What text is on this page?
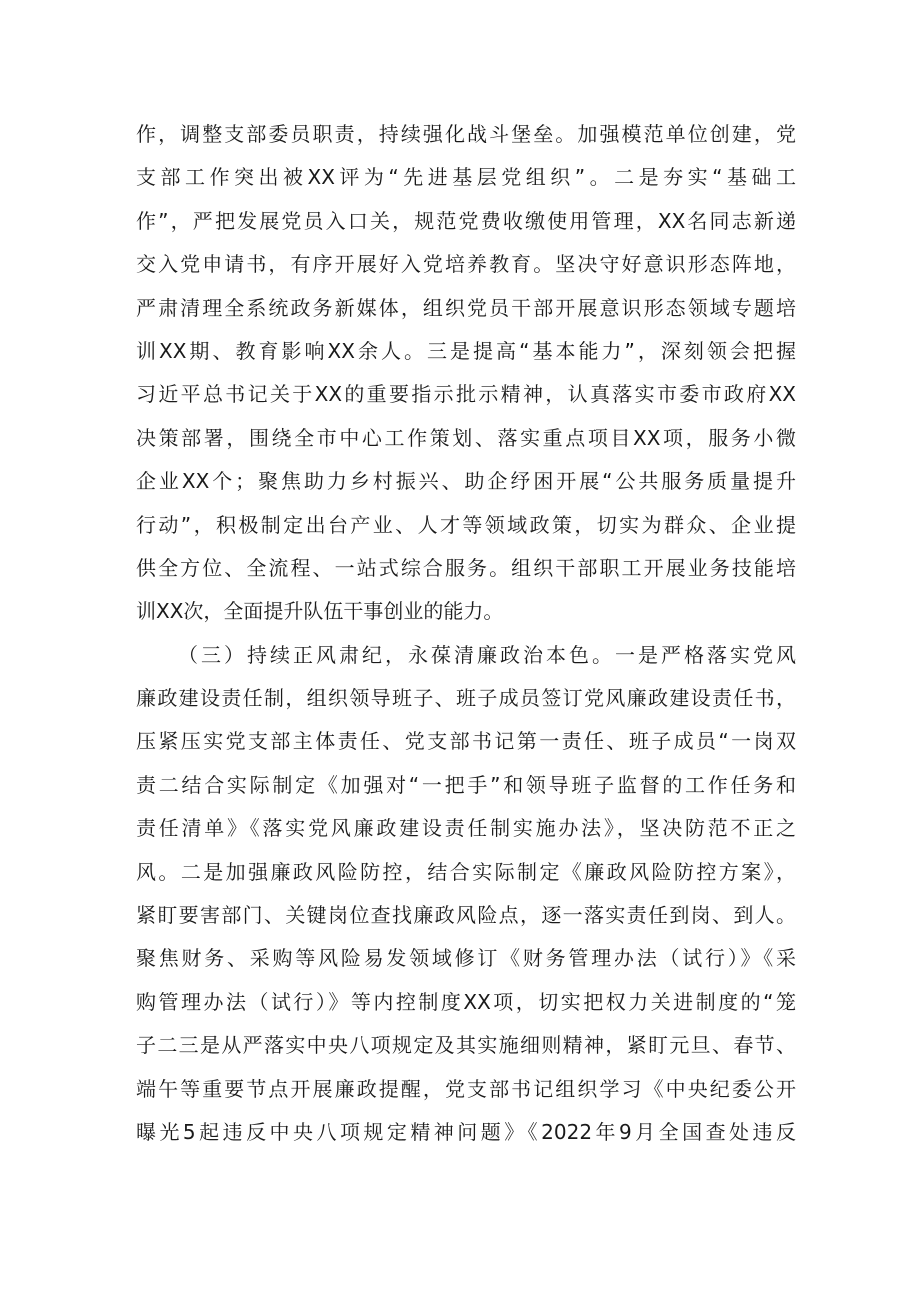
作，调整支部委员职责，持续强化战斗堡垒。加强模范单位创建，党
支部工作突出被XX评为“先进基层党组织”。二是夯实“基础工
作”，严把发展党员入口关，规范党费收缴使用管理，XX名同志新递
交入党申请书，有序开展好入党培养教育。坚决守好意识形态阵地，
严肃清理全系统政务新媒体，组织党员干部开展意识形态领域专题培
训XX期、教育影响XX余人。三是提高“基本能力”，深刻领会把握
习近平总书记关于XX的重要指示批示精神，认真落实市委市政府XX
决策部署，围绕全市中心工作策划、落实重点项目XX项，服务小微
企业XX个；聚焦助力乡村振兴、助企纾困开展“公共服务质量提升
行动”，积极制定出台产业、人才等领域政策，切实为群众、企业提
供全方位、全流程、一站式综合服务。组织干部职工开展业务技能培
训XX次，全面提升队伍干事创业的能力。
（三）持续正风肃纪，永葆清廉政治本色。一是严格落实党风
廉政建设责任制，组织领导班子、班子成员签订党风廉政建设责任书，
压紧压实党支部主体责任、党支部书记第一责任、班子成员“一岗双
责二结合实际制定《加强对“一把手”和领导班子监督的工作任务和
责任清单》《落实党风廉政建设责任制实施办法》，坚决防范不正之
风。二是加强廉政风险防控，结合实际制定《廉政风险防控方案》，
紧盯要害部门、关键岗位查找廉政风险点，逐一落实责任到岗、到人。
聚焦财务、采购等风险易发领域修订《财务管理办法（试行）》《采
购管理办法（试行）》等内控制度XX项，切实把权力关进制度的“笼
子二三是从严落实中央八项规定及其实施细则精神，紧盯元旦、春节、
端午等重要节点开展廉政提醒，党支部书记组织学习《中央纪委公开
曝光5起违反中央八项规定精神问题》《2022年9月全国查处违反
